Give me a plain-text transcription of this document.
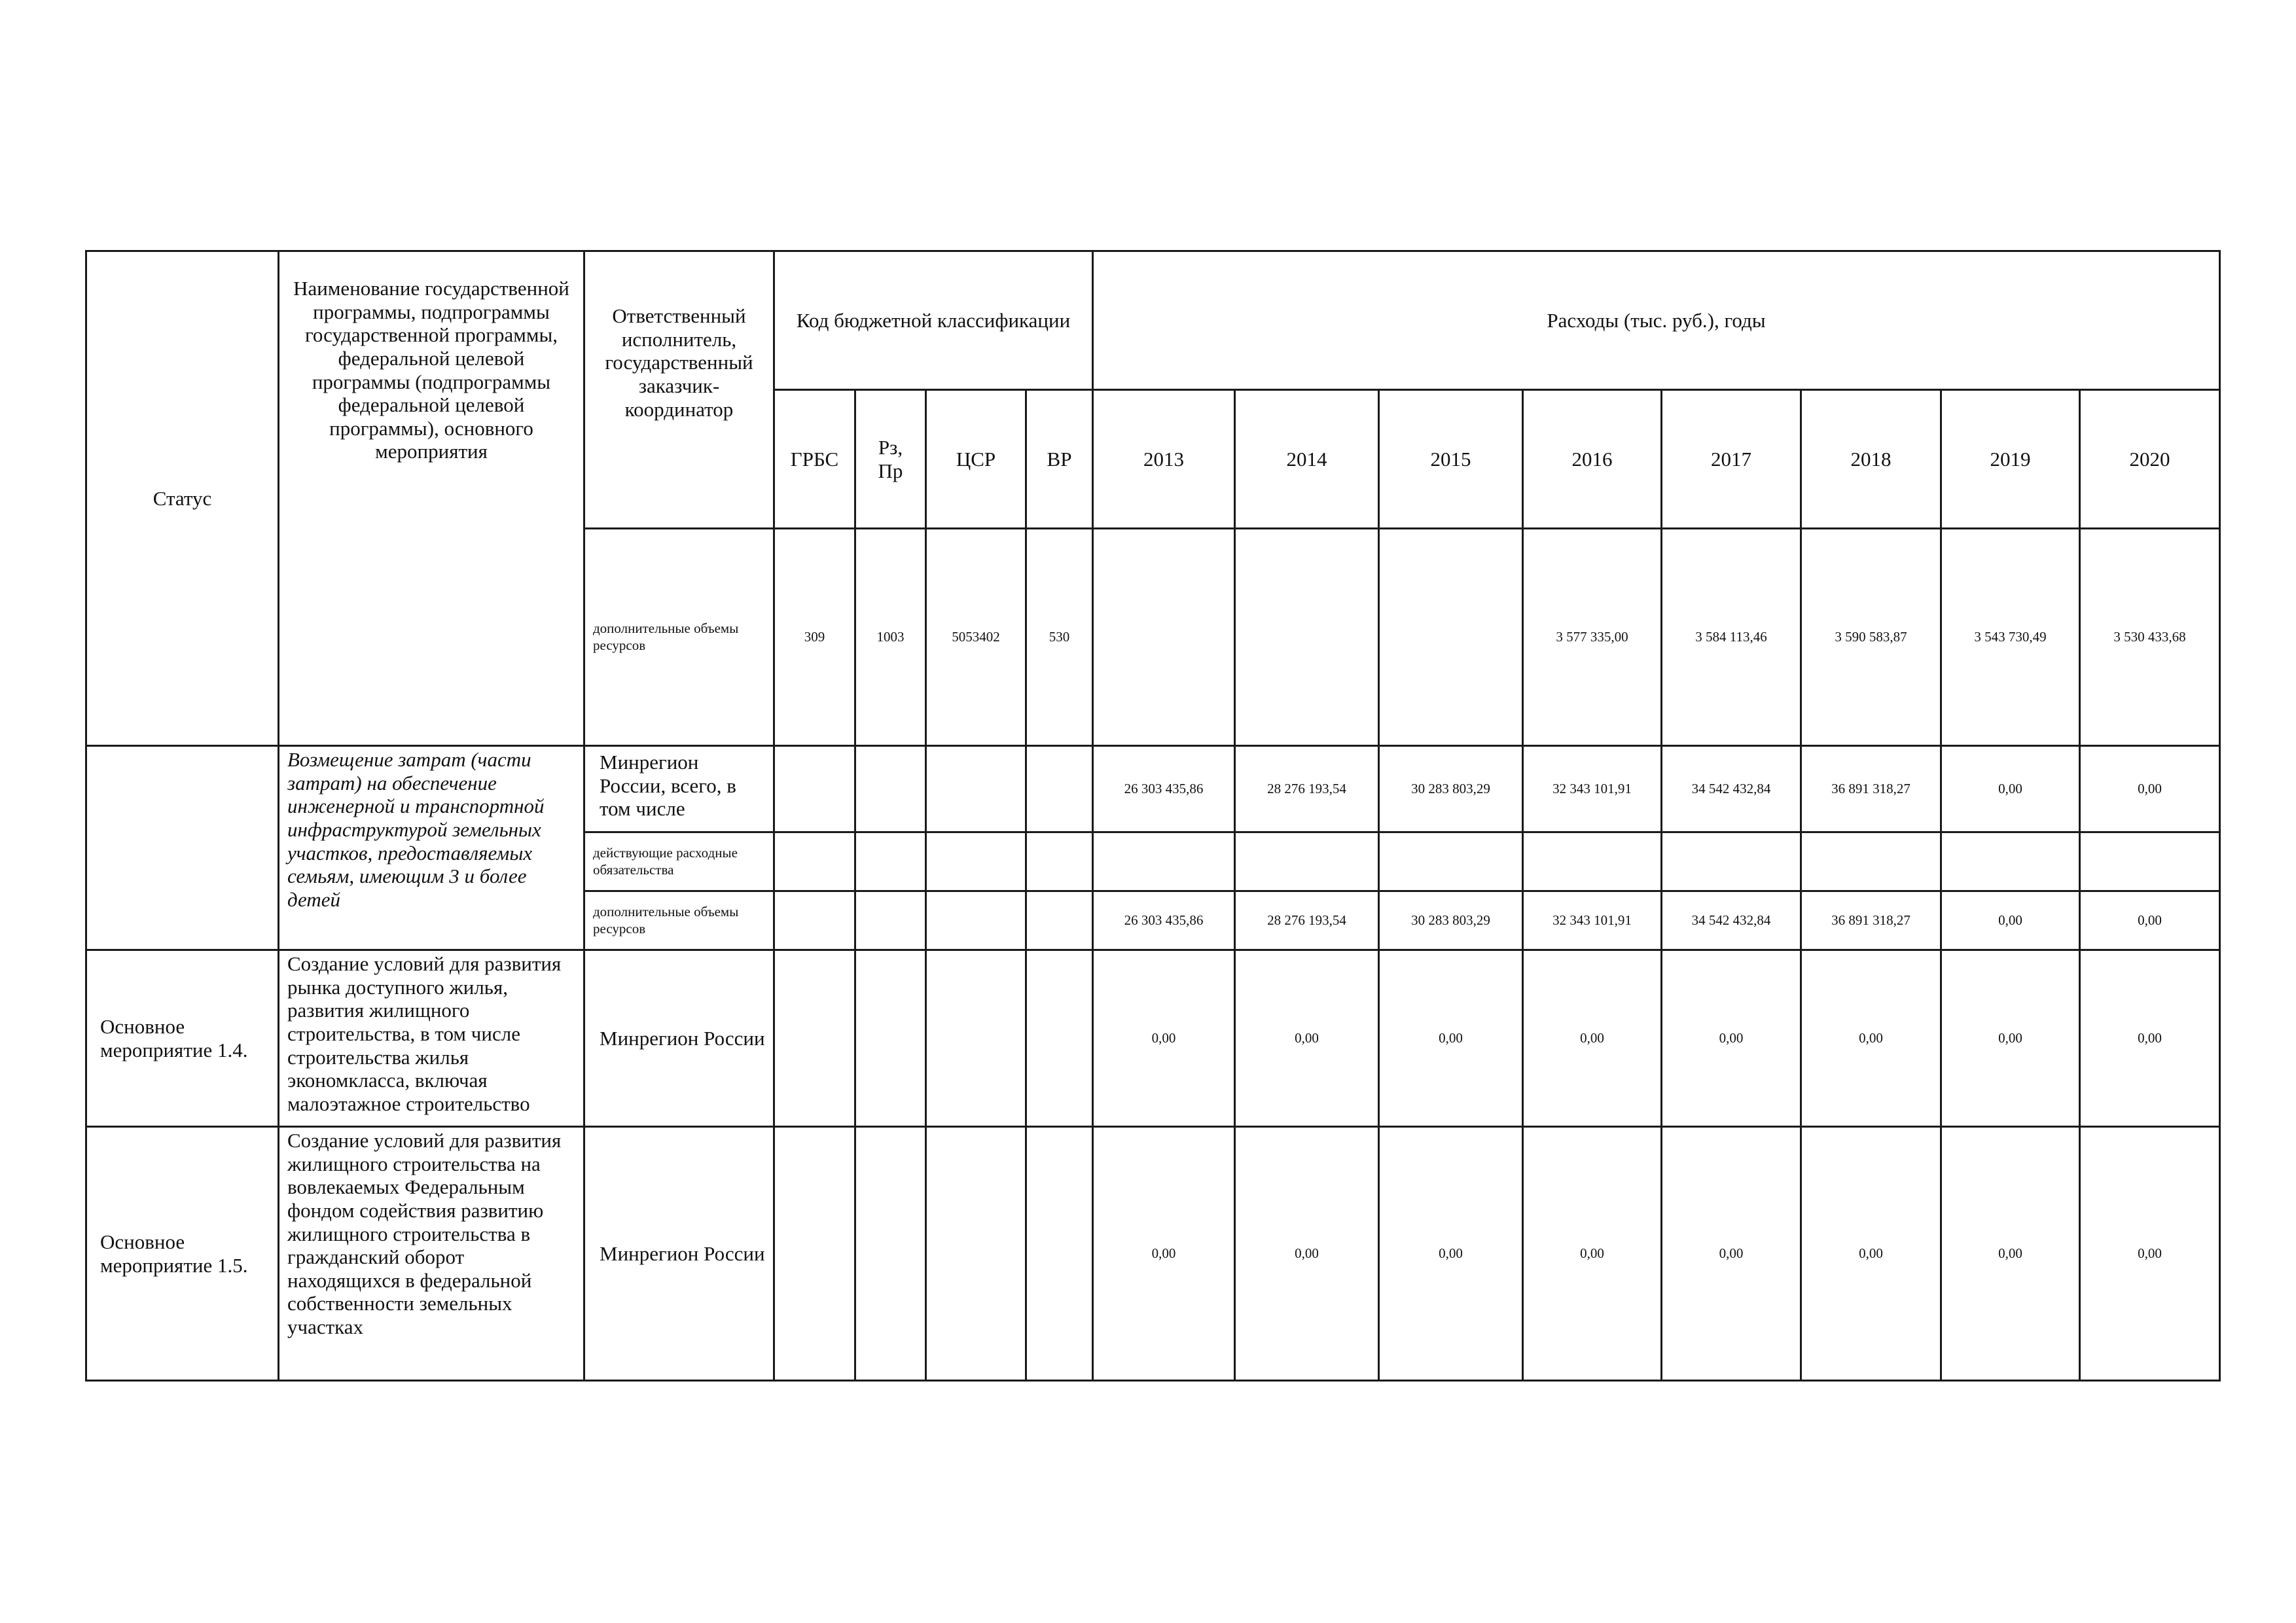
Статус	Наименование государственной программы, подпрограммы государственной программы, федеральной целевой программы (подпрограммы федеральной целевой программы), основного мероприятия	Ответственный исполнитель, государственный заказчик-координатор	Код бюджетной классификации				Расходы (тыс. руб.), годы							
			ГРБС	Рз, Пр	ЦСР	ВР	2013	2014	2015	2016	2017	2018	2019	2020
		дополнительные объемы ресурсов	309	1003	5053402	530				3 577 335,00	3 584 113,46	3 590 583,87	3 543 730,49	3 530 433,68
	Возмещение затрат (части затрат) на обеспечение инженерной и транспортной инфраструктурой земельных участков, предоставляемых семьям, имеющим 3 и более детей	Минрегион России, всего, в том числе					26 303 435,86	28 276 193,54	30 283 803,29	32 343 101,91	34 542 432,84	36 891 318,27	0,00	0,00
		действующие расходные обязательства												
		дополнительные объемы ресурсов					26 303 435,86	28 276 193,54	30 283 803,29	32 343 101,91	34 542 432,84	36 891 318,27	0,00	0,00
Основное мероприятие 1.4.	Создание условий для развития рынка доступного жилья, развития жилищного строительства, в том числе строительства жилья экономкласса, включая малоэтажное строительство	Минрегион России					0,00	0,00	0,00	0,00	0,00	0,00	0,00	0,00
Основное мероприятие 1.5.	Создание условий для развития жилищного строительства на вовлекаемых Федеральным фондом содействия развитию жилищного строительства в гражданский оборот находящихся в федеральной собственности земельных участках	Минрегион России					0,00	0,00	0,00	0,00	0,00	0,00	0,00	0,00
